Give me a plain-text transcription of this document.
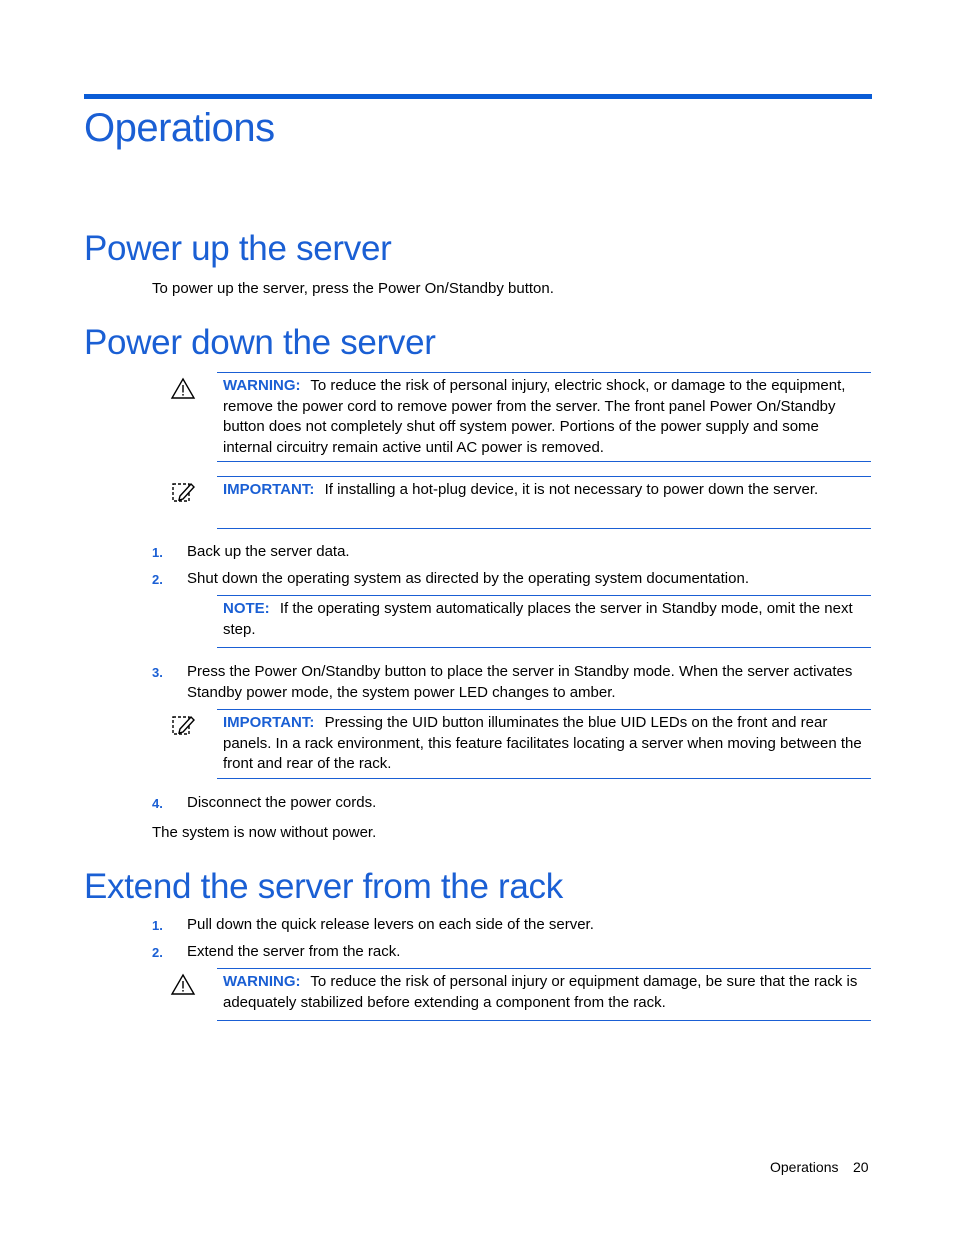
Operations
Power up the server
To power up the server, press the Power On/Standby button.
Power down the server
WARNING: To reduce the risk of personal injury, electric shock, or damage to the equipment, remove the power cord to remove power from the server. The front panel Power On/Standby button does not completely shut off system power. Portions of the power supply and some internal circuitry remain active until AC power is removed.
IMPORTANT: If installing a hot-plug device, it is not necessary to power down the server.
1. Back up the server data.
2. Shut down the operating system as directed by the operating system documentation.
NOTE: If the operating system automatically places the server in Standby mode, omit the next step.
3. Press the Power On/Standby button to place the server in Standby mode. When the server activates Standby power mode, the system power LED changes to amber.
IMPORTANT: Pressing the UID button illuminates the blue UID LEDs on the front and rear panels. In a rack environment, this feature facilitates locating a server when moving between the front and rear of the rack.
4. Disconnect the power cords.
The system is now without power.
Extend the server from the rack
1. Pull down the quick release levers on each side of the server.
2. Extend the server from the rack.
WARNING: To reduce the risk of personal injury or equipment damage, be sure that the rack is adequately stabilized before extending a component from the rack.
Operations 20
